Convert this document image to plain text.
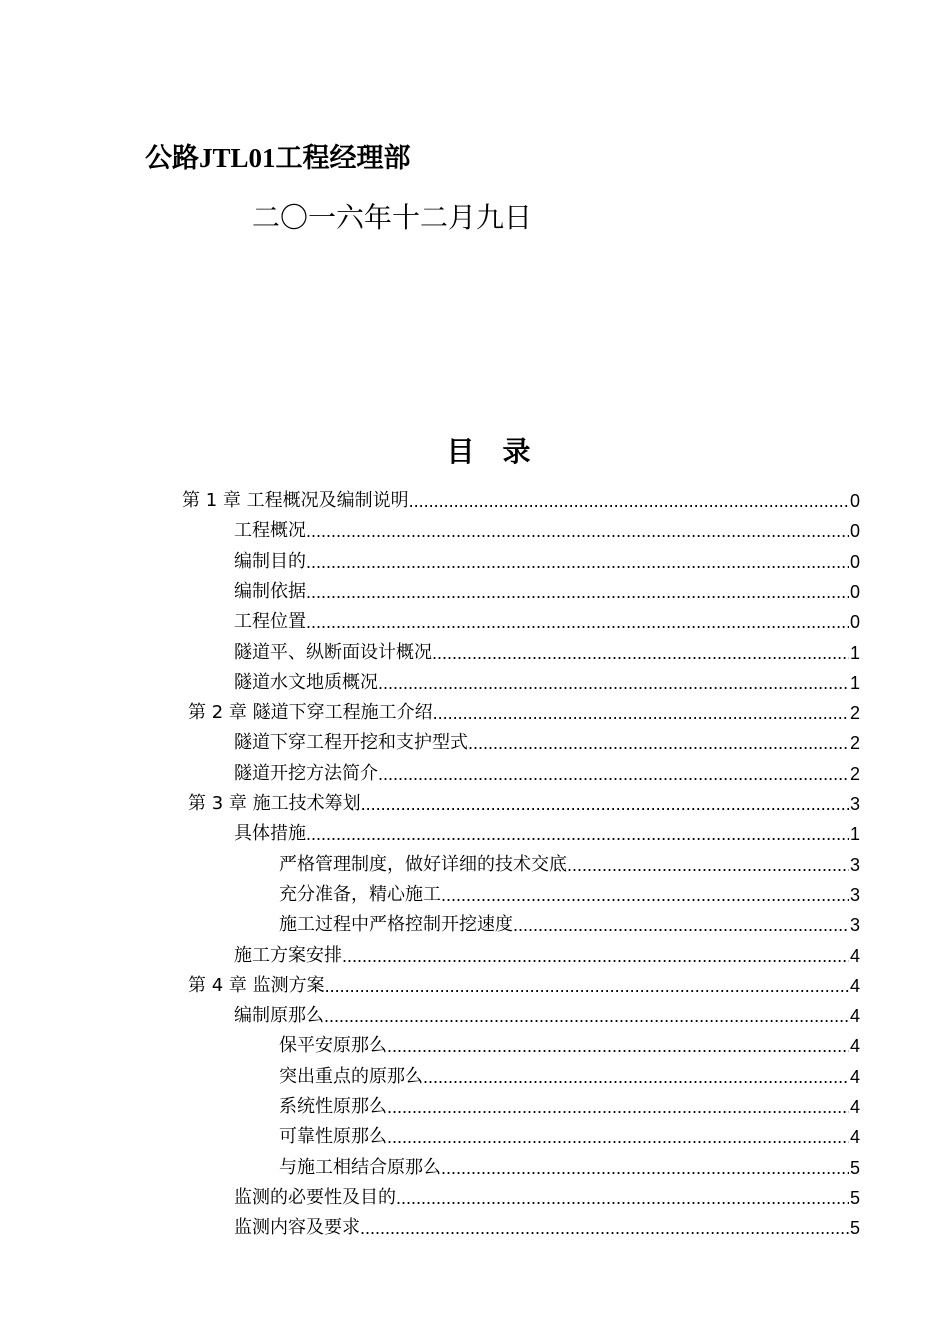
公路JTL01工程经理部
二〇一六年十二月九日
目录
第 1 章 工程概况及编制说明 .....	0
工程概况 .....	0
编制目的 .....	0
编制依据 .....	0
工程位置 .....	0
隧道平、纵断面设计概况 .....	1
隧道水文地质概况 .....	1
第 2 章 隧道下穿工程施工介绍 .....	2
隧道下穿工程开挖和支护型式 .....	2
隧道开挖方法简介 .....	2
第 3 章 施工技术筹划 .....	3
具体措施 .....	1
严格管理制度，做好详细的技术交底 .....	3
充分准备，精心施工 .....	3
施工过程中严格控制开挖速度 .....	3
施工方案安排 .....	4
第 4 章 监测方案 .....	4
编制原那么 .....	4
保平安原那么 .....	4
突出重点的原那么 .....	4
系统性原那么 .....	4
可靠性原那么 .....	4
与施工相结合原那么 .....	5
监测的必要性及目的 .....	5
监测内容及要求 .....	5
